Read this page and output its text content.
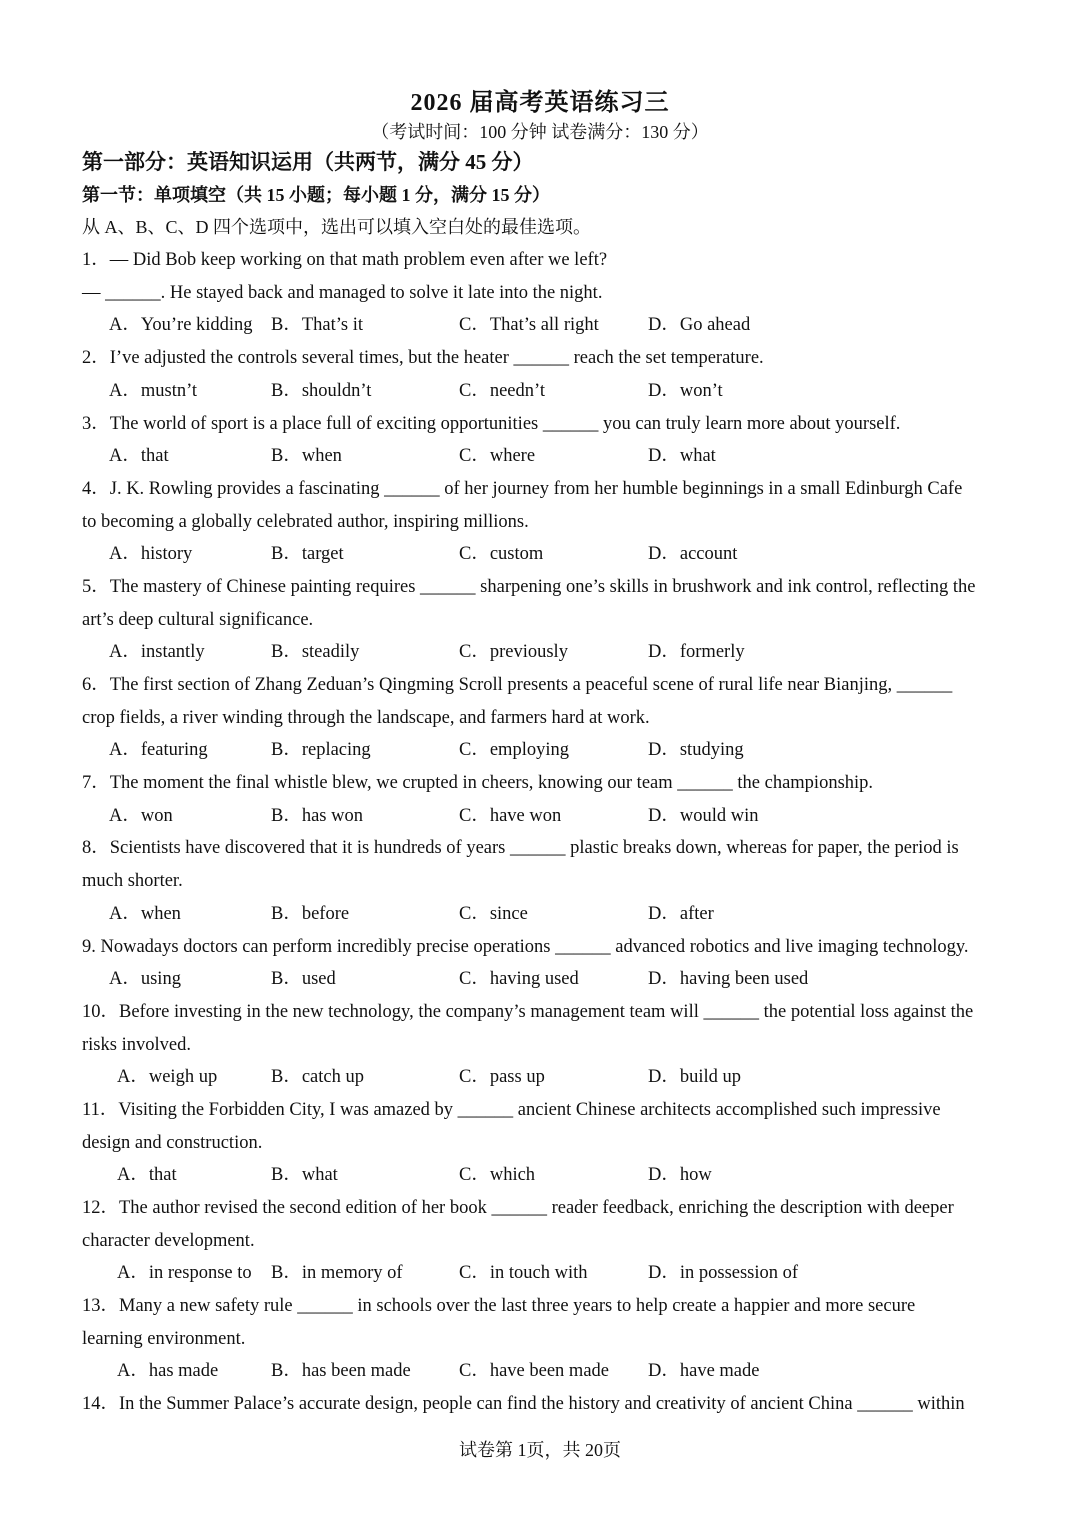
2026 届高考英语练习三
（考试时间：100 分钟 试卷满分：130 分）
第一部分：英语知识运用（共两节，满分 45 分）
第一节：单项填空（共 15 小题；每小题 1 分，满分 15 分）
从 A、B、C、D 四个选项中，选出可以填入空白处的最佳选项。
1．— Did Bob keep working on that math problem even after we left?
— ______. He stayed back and managed to solve it late into the night.
A．You’re kidding B．That’s it	C．That’s all right	D．Go ahead
2．I’ve adjusted the controls several times, but the heater ______ reach the set temperature.
A．mustn’t	B．shouldn’t	C．needn’t	D．won’t
3．The world of sport is a place full of exciting opportunities ______ you can truly learn more about yourself.
A．that	B．when	C．where	D．what
4．J. K. Rowling provides a fascinating ______ of her journey from her humble beginnings in a small Edinburgh Cafe
to becoming a globally celebrated author, inspiring millions.
A．history	B．target	C．custom	D．account
5．The mastery of Chinese painting requires ______ sharpening one’s skills in brushwork and ink control, reflecting the
art’s deep cultural significance.
A．instantly	B．steadily	C．previously	D．formerly
6．The first section of Zhang Zeduan’s Qingming Scroll presents a peaceful scene of rural life near Bianjing, ______
crop fields, a river winding through the landscape, and farmers hard at work.
A．featuring	B．replacing	C．employing	D．studying
7．The moment the final whistle blew, we crupted in cheers, knowing our team ______ the championship.
A．won	B．has won	C．have won	D．would win
8．Scientists have discovered that it is hundreds of years ______ plastic breaks down, whereas for paper, the period is
much shorter.
A．when	B．before	C．since	D．after
9. Nowadays doctors can perform incredibly precise operations ______ advanced robotics and live imaging technology.
A．using	B．used	C．having used	D．having been used
10．Before investing in the new technology, the company’s management team will ______ the potential loss against the
risks involved.
A．weigh up	B．catch up	C．pass up	D．build up
11．Visiting the Forbidden City, I was amazed by ______ ancient Chinese architects accomplished such impressive
design and construction.
A．that	B．what	C．which	D．how
12．The author revised the second edition of her book ______ reader feedback, enriching the description with deeper
character development.
A．in response to B．in memory of	C．in touch with	D．in possession of
13．Many a new safety rule ______ in schools over the last three years to help create a happier and more secure
learning environment.
A．has made	B．has been made	C．have been made D．have made
14．In the Summer Palace’s accurate design, people can find the history and creativity of ancient China ______ within
试卷第 1页，共 20页
